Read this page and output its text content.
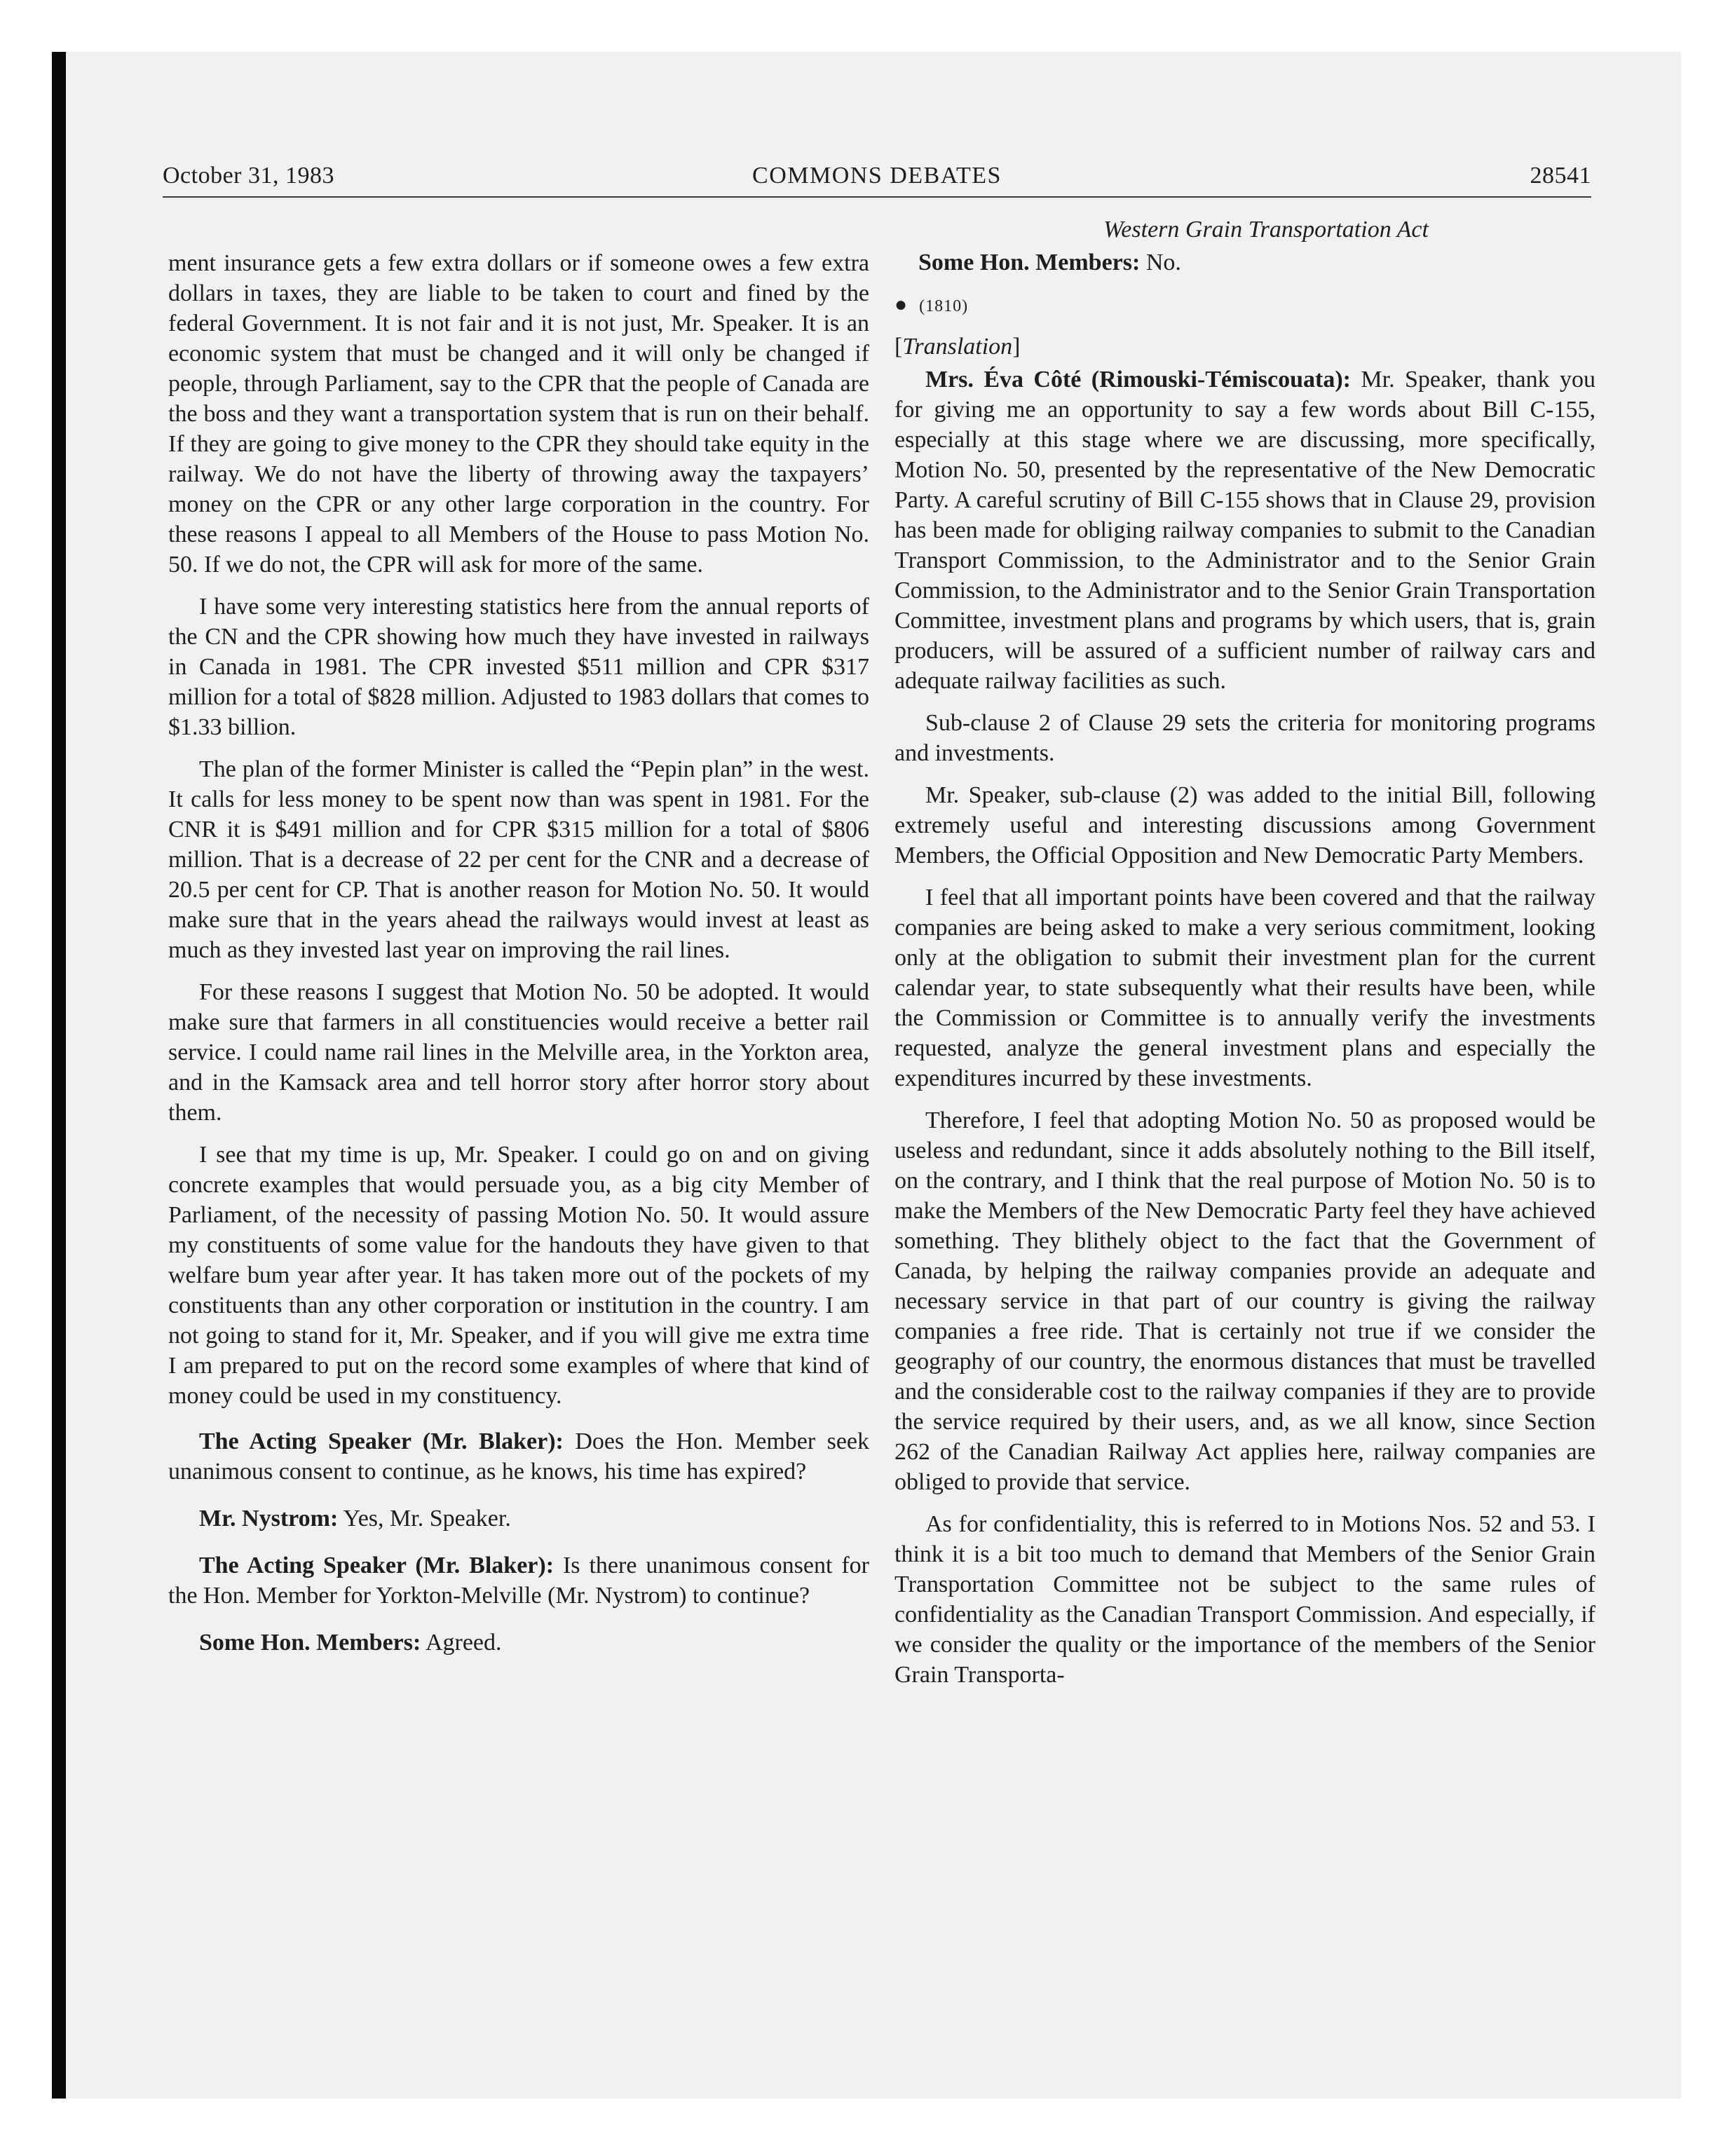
October 31, 1983	COMMONS DEBATES	28541

ment insurance gets a few extra dollars or if someone owes a few extra dollars in taxes, they are liable to be taken to court and fined by the federal Government. It is not fair and it is not just, Mr. Speaker. It is an economic system that must be changed and it will only be changed if people, through Parliament, say to the CPR that the people of Canada are the boss and they want a transportation system that is run on their behalf. If they are going to give money to the CPR they should take equity in the railway. We do not have the liberty of throwing away the taxpayers’ money on the CPR or any other large corporation in the country. For these reasons I appeal to all Members of the House to pass Motion No. 50. If we do not, the CPR will ask for more of the same.

I have some very interesting statistics here from the annual reports of the CN and the CPR showing how much they have invested in railways in Canada in 1981. The CPR invested $511 million and CPR $317 million for a total of $828 million. Adjusted to 1983 dollars that comes to $1.33 billion.

The plan of the former Minister is called the “Pepin plan” in the west. It calls for less money to be spent now than was spent in 1981. For the CNR it is $491 million and for CPR $315 million for a total of $806 million. That is a decrease of 22 per cent for the CNR and a decrease of 20.5 per cent for CP. That is another reason for Motion No. 50. It would make sure that in the years ahead the railways would invest at least as much as they invested last year on improving the rail lines.

For these reasons I suggest that Motion No. 50 be adopted. It would make sure that farmers in all constituencies would receive a better rail service. I could name rail lines in the Melville area, in the Yorkton area, and in the Kamsack area and tell horror story after horror story about them.

I see that my time is up, Mr. Speaker. I could go on and on giving concrete examples that would persuade you, as a big city Member of Parliament, of the necessity of passing Motion No. 50. It would assure my constituents of some value for the handouts they have given to that welfare bum year after year. It has taken more out of the pockets of my constituents than any other corporation or institution in the country. I am not going to stand for it, Mr. Speaker, and if you will give me extra time I am prepared to put on the record some examples of where that kind of money could be used in my constituency.

The Acting Speaker (Mr. Blaker): Does the Hon. Member seek unanimous consent to continue, as he knows, his time has expired?

Mr. Nystrom: Yes, Mr. Speaker.

The Acting Speaker (Mr. Blaker): Is there unanimous consent for the Hon. Member for Yorkton-Melville (Mr. Nystrom) to continue?

Some Hon. Members: Agreed.

Western Grain Transportation Act

Some Hon. Members: No.

● (1810)
[Translation]

Mrs. Éva Côté (Rimouski-Témiscouata): Mr. Speaker, thank you for giving me an opportunity to say a few words about Bill C-155, especially at this stage where we are discussing, more specifically, Motion No. 50, presented by the representative of the New Democratic Party. A careful scrutiny of Bill C-155 shows that in Clause 29, provision has been made for obliging railway companies to submit to the Canadian Transport Commission, to the Administrator and to the Senior Grain Commission, to the Administrator and to the Senior Grain Transportation Committee, investment plans and programs by which users, that is, grain producers, will be assured of a sufficient number of railway cars and adequate railway facilities as such.

Sub-clause 2 of Clause 29 sets the criteria for monitoring programs and investments.

Mr. Speaker, sub-clause (2) was added to the initial Bill, following extremely useful and interesting discussions among Government Members, the Official Opposition and New Democratic Party Members.

I feel that all important points have been covered and that the railway companies are being asked to make a very serious commitment, looking only at the obligation to submit their investment plan for the current calendar year, to state subsequently what their results have been, while the Commission or Committee is to annually verify the investments requested, analyze the general investment plans and especially the expenditures incurred by these investments.

Therefore, I feel that adopting Motion No. 50 as proposed would be useless and redundant, since it adds absolutely nothing to the Bill itself, on the contrary, and I think that the real purpose of Motion No. 50 is to make the Members of the New Democratic Party feel they have achieved something. They blithely object to the fact that the Government of Canada, by helping the railway companies provide an adequate and necessary service in that part of our country is giving the railway companies a free ride. That is certainly not true if we consider the geography of our country, the enormous distances that must be travelled and the considerable cost to the railway companies if they are to provide the service required by their users, and, as we all know, since Section 262 of the Canadian Railway Act applies here, railway companies are obliged to provide that service.

As for confidentiality, this is referred to in Motions Nos. 52 and 53. I think it is a bit too much to demand that Members of the Senior Grain Transportation Committee not be subject to the same rules of confidentiality as the Canadian Transport Commission. And especially, if we consider the quality or the importance of the members of the Senior Grain Transporta-
